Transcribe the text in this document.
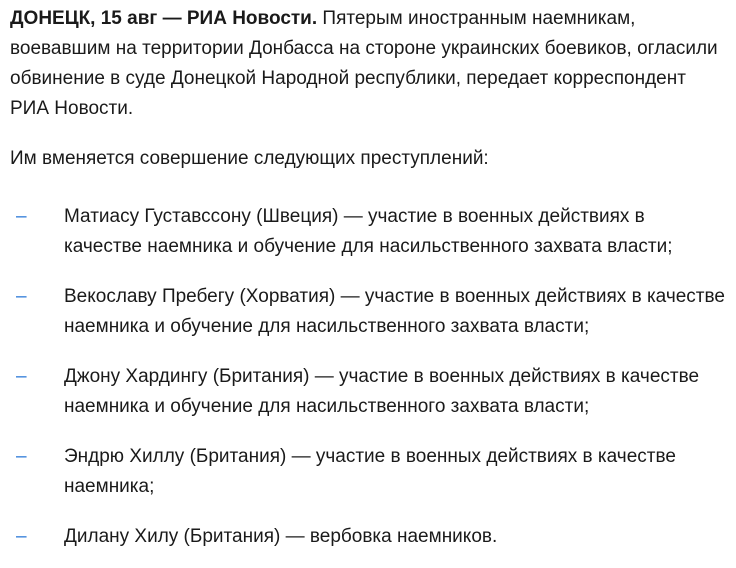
ДОНЕЦК, 15 авг — РИА Новости. Пятерым иностранным наемникам, воевавшим на территории Донбасса на стороне украинских боевиков, огласили обвинение в суде Донецкой Народной республики, передает корреспондент РИА Новости.

Им вменяется совершение следующих преступлений:

– Матиасу Густавссону (Швеция) — участие в военных действиях в качестве наемника и обучение для насильственного захвата власти;
– Векославу Пребегу (Хорватия) — участие в военных действиях в качестве наемника и обучение для насильственного захвата власти;
– Джону Хардингу (Британия) — участие в военных действиях в качестве наемника и обучение для насильственного захвата власти;
– Эндрю Хиллу (Британия) — участие в военных действиях в качестве наемника;
– Дилану Хилу (Британия) — вербовка наемников.
